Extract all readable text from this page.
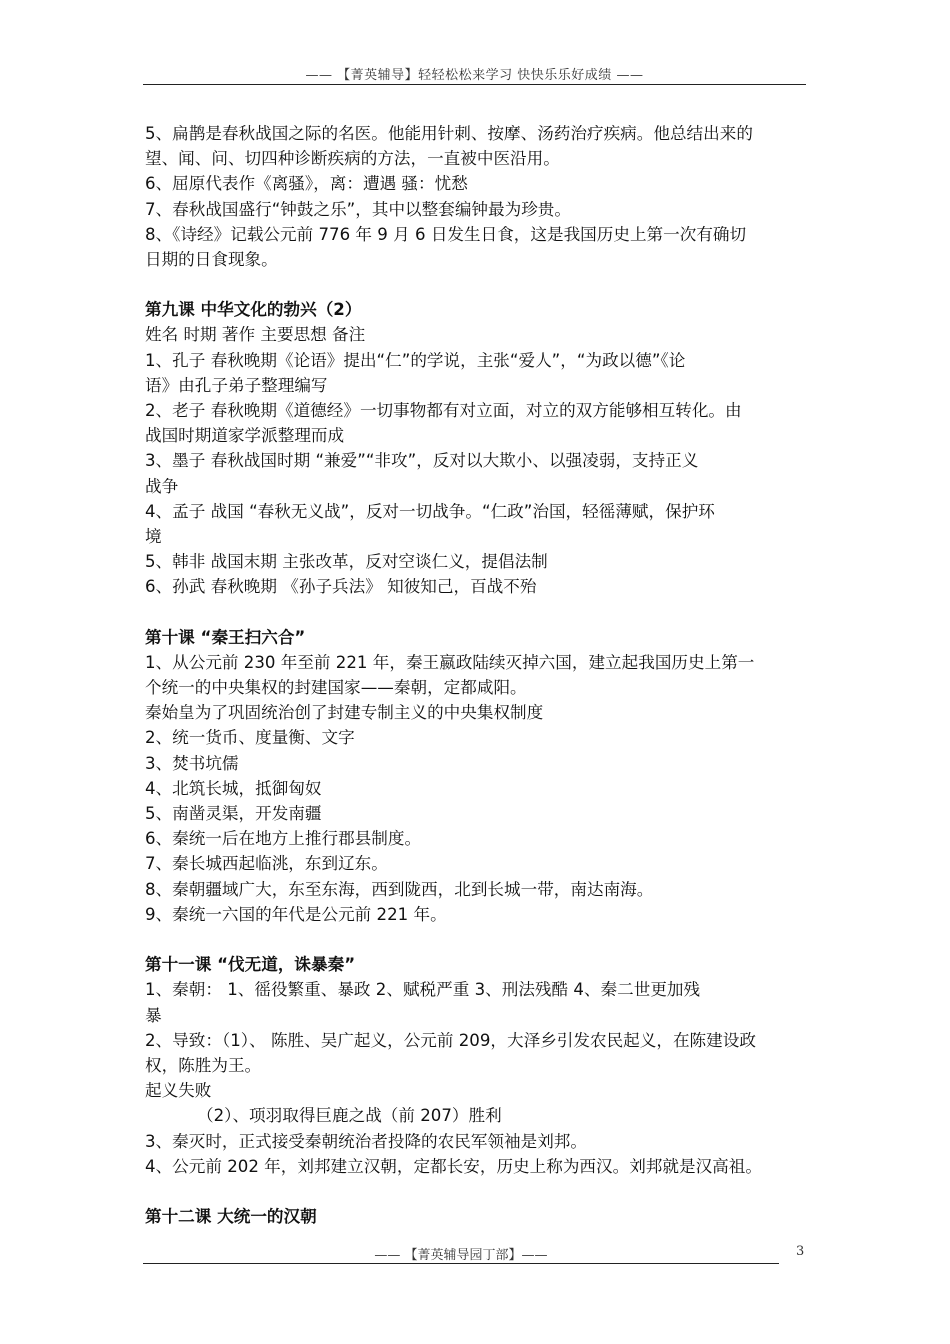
—— 【菁英辅导】轻轻松松来学习 快快乐乐好成绩 ——

5、扁鹊是春秋战国之际的名医。他能用针刺、按摩、汤药治疗疾病。他总结出来的

望、闻、问、切四种诊断疾病的方法，一直被中医沿用。

6、屈原代表作《离骚》，离：遭遇 骚：忧愁

7、春秋战国盛行“钟鼓之乐”，其中以整套编钟最为珍贵。

8、《诗经》记载公元前 776 年 9 月 6 日发生日食，这是我国历史上第一次有确切

日期的日食现象。

第九课 中华文化的勃兴（2）

姓名 时期 著作 主要思想 备注

1、孔子 春秋晚期《论语》提出“仁”的学说，主张“爱人”，“为政以德”《论

语》由孔子弟子整理编写

2、老子 春秋晚期《道德经》一切事物都有对立面，对立的双方能够相互转化。由

战国时期道家学派整理而成

3、墨子 春秋战国时期 “兼爱”“非攻”，反对以大欺小、以强凌弱，支持正义

战争

4、孟子 战国 “春秋无义战”，反对一切战争。“仁政”治国，轻徭薄赋，保护环

境

5、韩非 战国末期 主张改革，反对空谈仁义，提倡法制

6、孙武 春秋晚期 《孙子兵法》 知彼知己，百战不殆

第十课 “秦王扫六合”

1、从公元前 230 年至前 221 年，秦王嬴政陆续灭掉六国，建立起我国历史上第一

个统一的中央集权的封建国家——秦朝，定都咸阳。

秦始皇为了巩固统治创了封建专制主义的中央集权制度

2、统一货币、度量衡、文字

3、焚书坑儒

4、北筑长城，抵御匈奴

5、南凿灵渠，开发南疆

6、秦统一后在地方上推行郡县制度。

7、秦长城西起临洮，东到辽东。

8、秦朝疆域广大，东至东海，西到陇西，北到长城一带，南达南海。

9、秦统一六国的年代是公元前 221 年。

第十一课 “伐无道，诛暴秦”

1、秦朝： 1、徭役繁重、暴政 2、赋税严重 3、刑法残酷 4、秦二世更加残

暴

2、导致：（1）、 陈胜、吴广起义，公元前 209，大泽乡引发农民起义，在陈建设政

权，陈胜为王。

起义失败

（2）、项羽取得巨鹿之战（前 207）胜利

3、秦灭时，正式接受秦朝统治者投降的农民军领袖是刘邦。

4、公元前 202 年，刘邦建立汉朝，定都长安，历史上称为西汉。刘邦就是汉高祖。

第十二课 大统一的汉朝

—— 【菁英辅导园丁部】——	3
